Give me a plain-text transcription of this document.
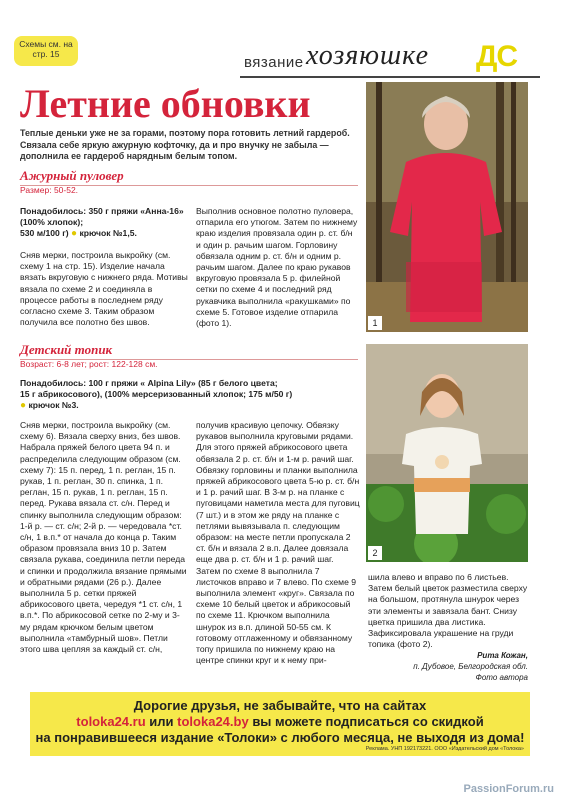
Схемы см. на стр. 15	вязание хозяюшке ДС
Летние обновки
Теплые деньки уже не за горами, поэтому пора готовить летний гардероб. Связала себе яркую ажурную кофточку, да и про внучку не забыла — дополнила ее гардероб нарядным белым топом.
1
2
Ажурный пуловер
Размер: 50-52.
Понадобилось: 350 г пряжи «Анна-16» (100% хлопок);
530 м/100 г) ● крючок №1,5.
Сняв мерки, построила выкройку (см. схему 1 на стр. 15). Изделие начала вязать вкруговую с нижнего ряда. Мотивы вязала по схеме 2 и соединяла в процессе работы в последнем ряду согласно схеме 3. Таким образом получила все полотно без швов.
Выполнив основное полотно пуловера, отпарила его утюгом. Затем по нижнему краю изделия провязала один р. ст. б/н и один р. рачьим шагом. Горловину обвязала одним р. ст. б/н и одним р. рачьим шагом. Далее по краю рукавов вкруговую провязала 5 р. филейной сетки по схеме 4 и последний ряд рукавчика выполнила «ракушками» по схеме 5. Готовое изделие отпарила (фото 1).
Детский топик
Возраст: 6-8 лет; рост: 122-128 см.
Понадобилось: 100 г пряжи « Alpina Lily» (85 г белого цвета;
15 г абрикосового), (100% мерсеризованный хлопок; 175 м/50 г)
● крючок №3.
Сняв мерки, построила выкройку (см. схему 6). Вязала сверху вниз, без швов. Набрала пряжей белого цвета 94 п. и распределила следующим образом (см. схему 7): 15 п. перед, 1 п. реглан, 15 п. рукав, 1 п. реглан, 30 п. спинка, 1 п. реглан, 15 п. рукав, 1 п. реглан, 15 п. перед. Рукава вязала ст. с/н. Перед и спинку выполнила следующим образом: 1-й р. — ст. с/н; 2-й р. — чередовала *ст. с/н, 1 в.п.* от начала до конца р. Таким образом провязала вниз 10 р. Затем связала рукава, соединила петли переда и спинки и продолжила вязание прямыми и обратными рядами (26 р.). Далее выполнила 5 р. сетки пряжей абрикосового цвета, чередуя *1 ст. с/н, 1 в.п.*. По абрикосовой сетке по 2-му и 3-му рядам крючком белым цветом выполнила «тамбурный шов». Петли этого шва цепляя за каждый ст. с/н,
получив красивую цепочку. Обвязку рукавов выполнила круговыми рядами. Для этого пряжей абрикосового цвета обвязала 2 р. ст. б/н и 1-м р. рачий шаг. Обвязку горловины и планки выполнила пряжей абрикосового цвета 5-ю р. ст. б/н и 1 р. рачий шаг. В 3-м р. на планке с пуговицами наметила места для пуговиц (7 шт.) и в этом же ряду на планке с петлями вывязывала п. следующим образом: на месте петли пропускала 2 ст. б/н и вязала 2 в.п. Далее довязала еще два р. ст. б/н и 1 р. рачий шаг. Затем по схеме 8 выполнила 7 листочков вправо и 7 влево. По схеме 9 выполнила элемент «круг». Связала по схеме 10 белый цветок и абрикосовый по схеме 11. Крючком выполнила шнурок из в.п. длиной 50-55 см. К готовому отглаженному и обвязанному топу пришила по нижнему краю на центре спинки круг и к нему при-
шила влево и вправо по 6 листьев. Затем белый цветок разместила сверху на большом, протянула шнурок через эти элементы и завязала бант. Снизу цветка пришила два листика. Зафиксировала украшение на груди топика (фото 2).
Рита Кожан,
п. Дубовое, Белгородская обл.
Фото автора
Дорогие друзья, не забывайте, что на сайтах
toloka24.ru или toloka24.by вы можете подписаться со скидкой
на понравившееся издание «Толоки» с любого месяца, не выходя из дома!
Реклама. УНП 192173221. ООО «Издательский дом «Толока»
PassionForum.ru
